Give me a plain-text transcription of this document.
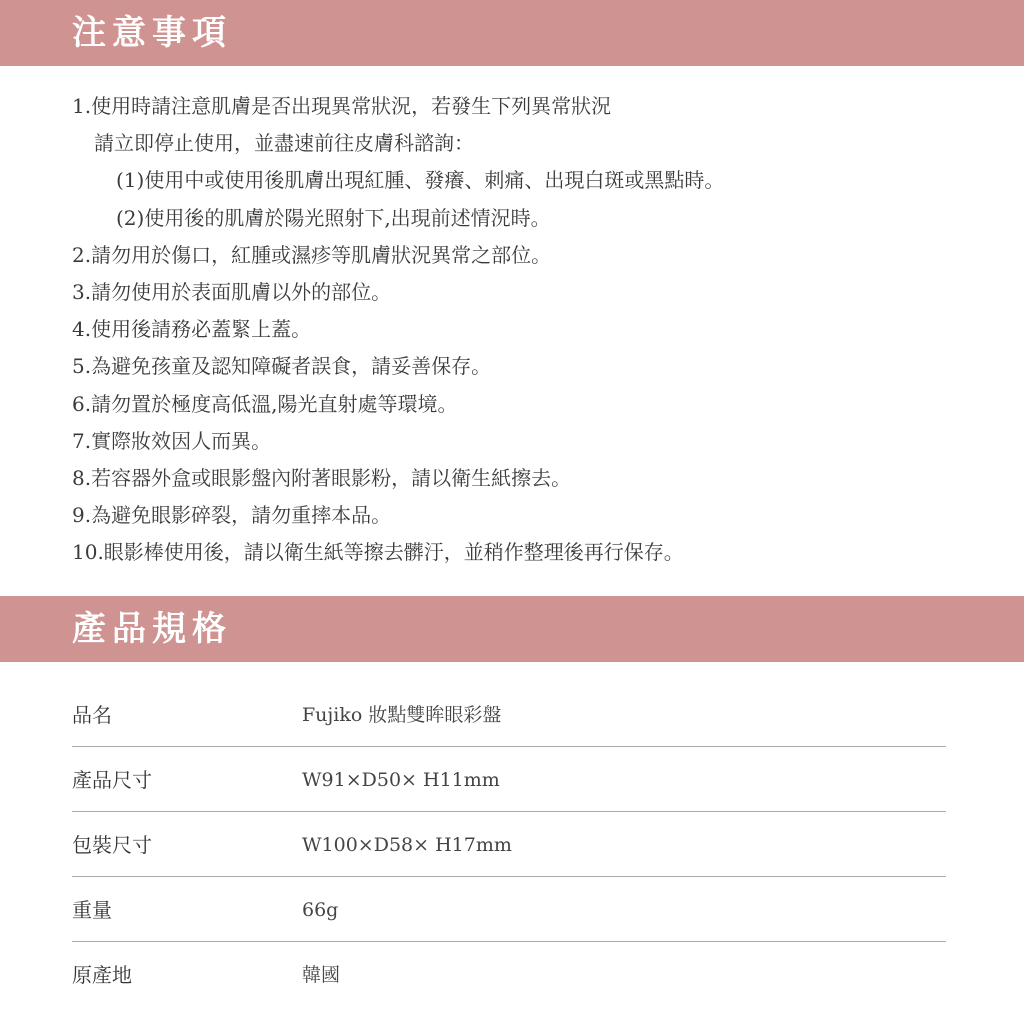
注意事項
1.使用時請注意肌膚是否出現異常狀況，若發生下列異常狀況
請立即停止使用，並盡速前往皮膚科諮詢：
(1)使用中或使用後肌膚出現紅腫、發癢、刺痛、出現白斑或黑點時。
(2)使用後的肌膚於陽光照射下,出現前述情況時。
2.請勿用於傷口，紅腫或濕疹等肌膚狀況異常之部位。
3.請勿使用於表面肌膚以外的部位。
4.使用後請務必蓋緊上蓋。
5.為避免孩童及認知障礙者誤食，請妥善保存。
6.請勿置於極度高低溫,陽光直射處等環境。
7.實際妝效因人而異。
8.若容器外盒或眼影盤內附著眼影粉，請以衛生紙擦去。
9.為避免眼影碎裂，請勿重摔本品。
10.眼影棒使用後，請以衛生紙等擦去髒汙，並稍作整理後再行保存。
產品規格
品名	Fujiko 妝點雙眸眼彩盤
產品尺寸	W91×D50× H11mm
包裝尺寸	W100×D58× H17mm
重量	66g
原產地	韓國
